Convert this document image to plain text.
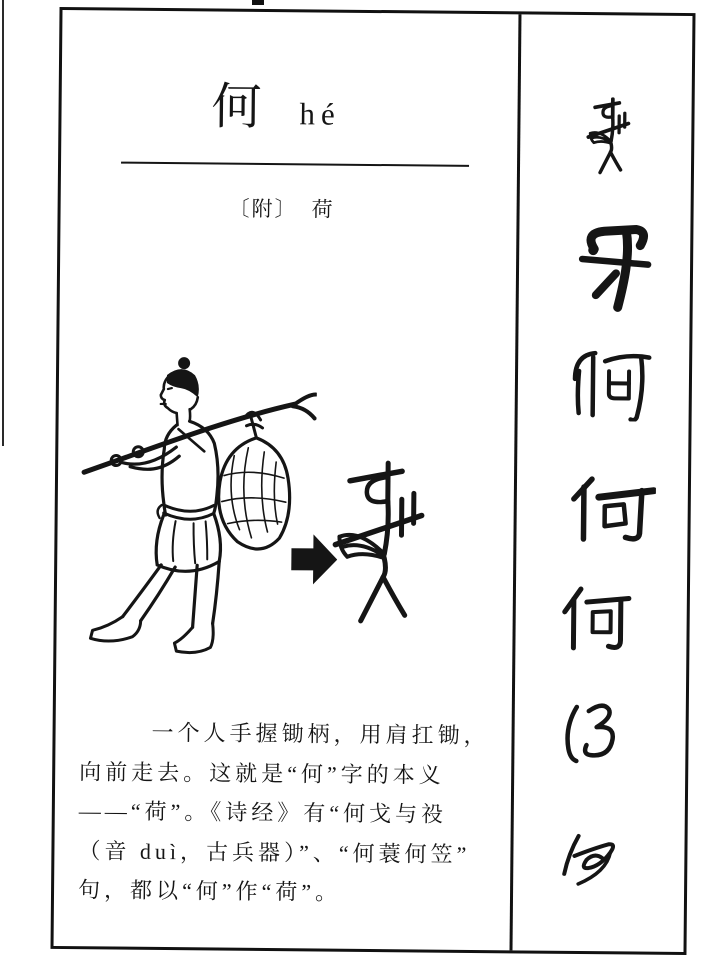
何 hé
〔附〕 荷
一个人手握锄柄，用肩扛锄，
向前走去。这就是“何”字的本义
——“荷”。《诗经》有“何戈与祋
（音 duì，古兵器）”、“何蓑何笠”
句，都以“何”作“荷”。
